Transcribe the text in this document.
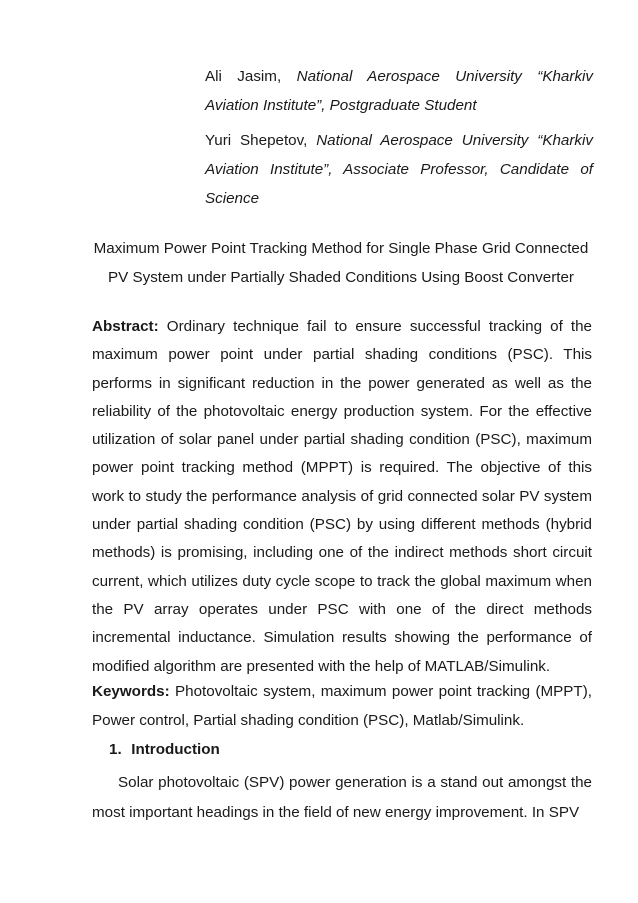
Ali Jasim, National Aerospace University “Kharkiv Aviation Institute”, Postgraduate Student

Yuri Shepetov, National Aerospace University “Kharkiv Aviation Institute”, Associate Professor, Candidate of Science

Maximum Power Point Tracking Method for Single Phase Grid Connected PV System under Partially Shaded Conditions Using Boost Converter

Abstract: Ordinary technique fail to ensure successful tracking of the maximum power point under partial shading conditions (PSC). This performs in significant reduction in the power generated as well as the reliability of the photovoltaic energy production system. For the effective utilization of solar panel under partial shading condition (PSC), maximum power point tracking method (MPPT) is required. The objective of this work to study the performance analysis of grid connected solar PV system under partial shading condition (PSC) by using different methods (hybrid methods) is promising, including one of the indirect methods short circuit current, which utilizes duty cycle scope to track the global maximum when the PV array operates under PSC with one of the direct methods incremental inductance. Simulation results showing the performance of modified algorithm are presented with the help of MATLAB/Simulink.

Keywords: Photovoltaic system, maximum power point tracking (MPPT), Power control, Partial shading condition (PSC), Matlab/Simulink.

1. Introduction

Solar photovoltaic (SPV) power generation is a stand out amongst the most important headings in the field of new energy improvement. In SPV
